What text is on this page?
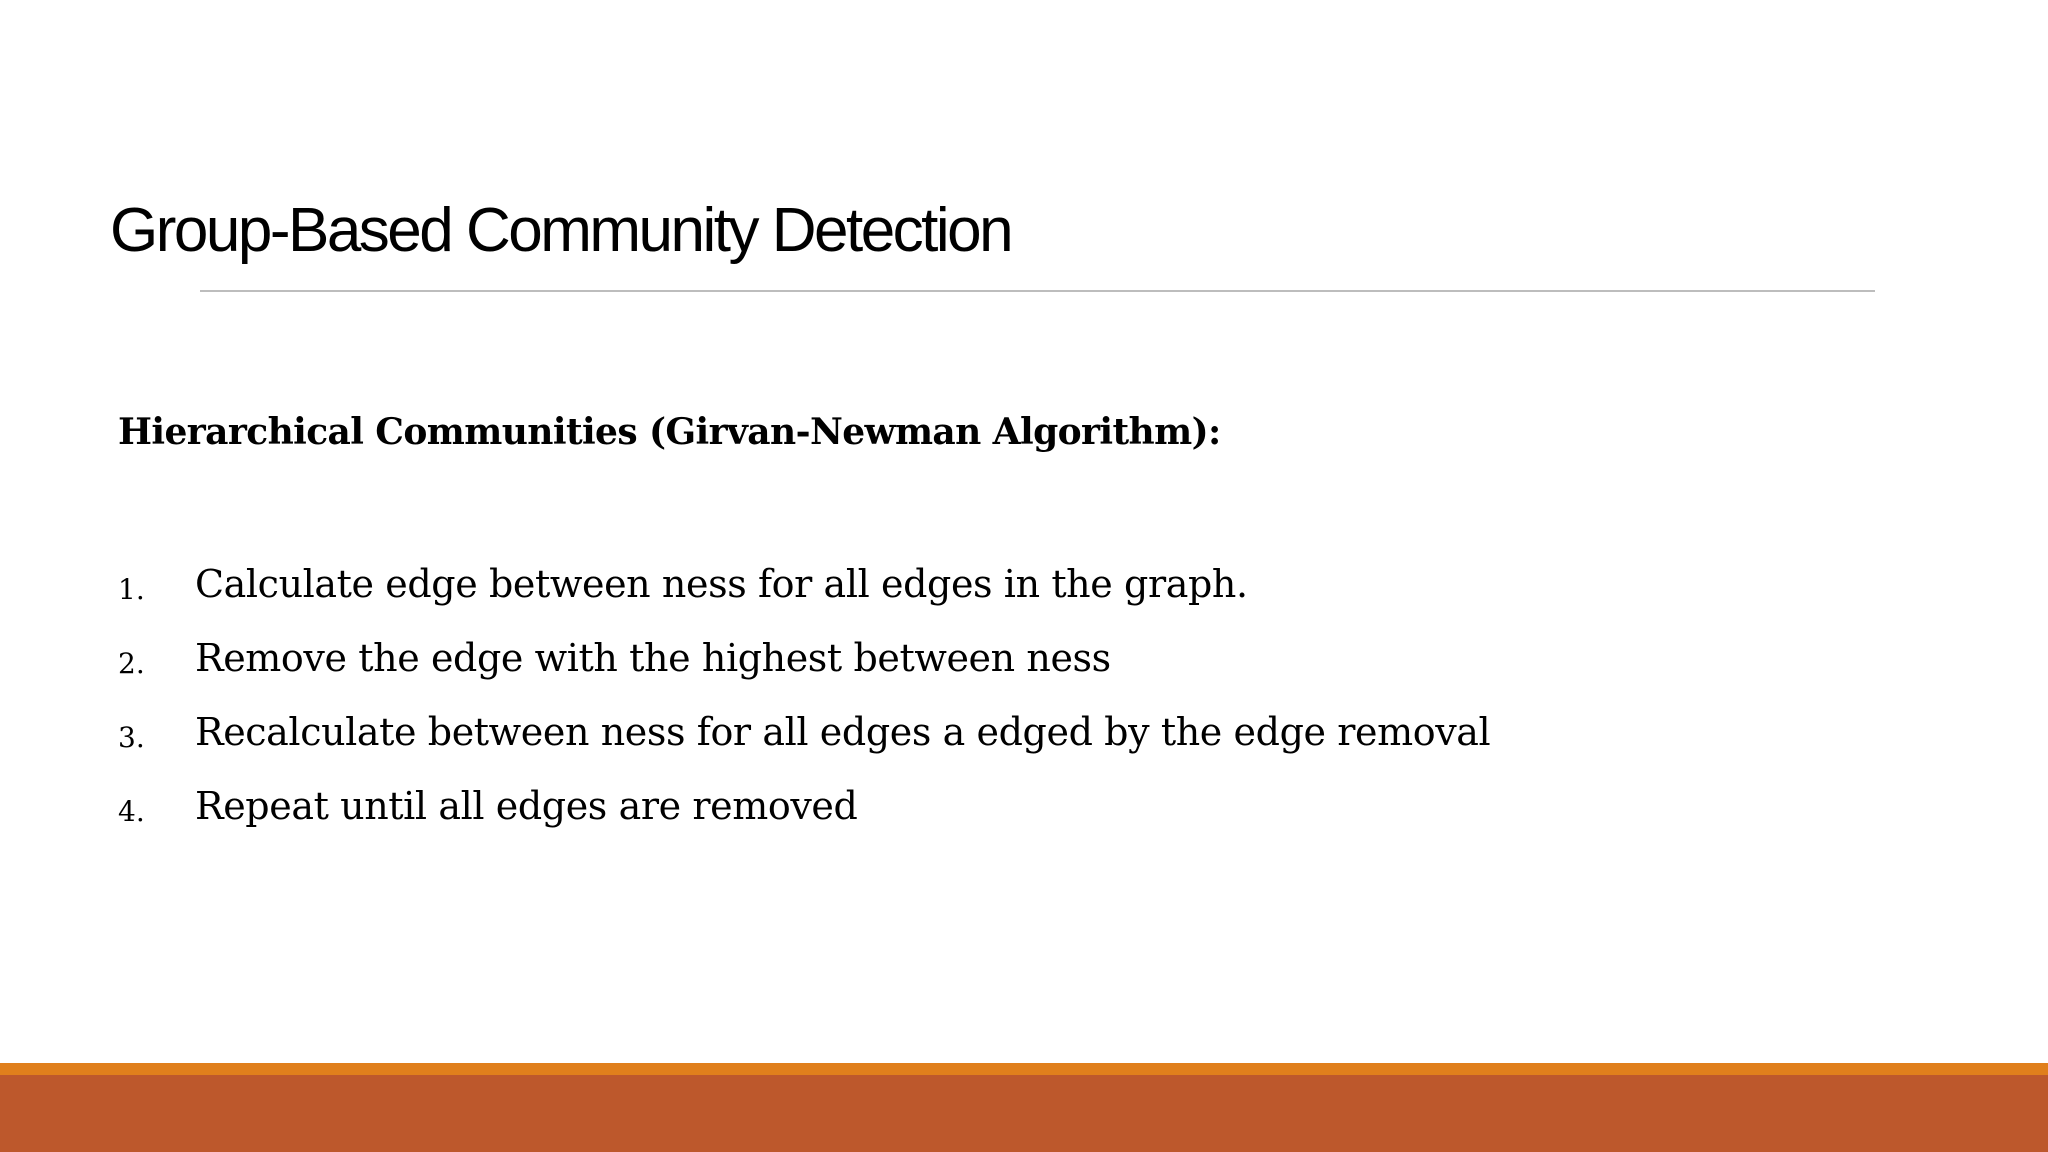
Group-Based Community Detection
Hierarchical Communities (Girvan-Newman Algorithm):
1. Calculate edge between ness for all edges in the graph.
2. Remove the edge with the highest between ness
3. Recalculate between ness for all edges a edged by the edge removal
4. Repeat until all edges are removed
